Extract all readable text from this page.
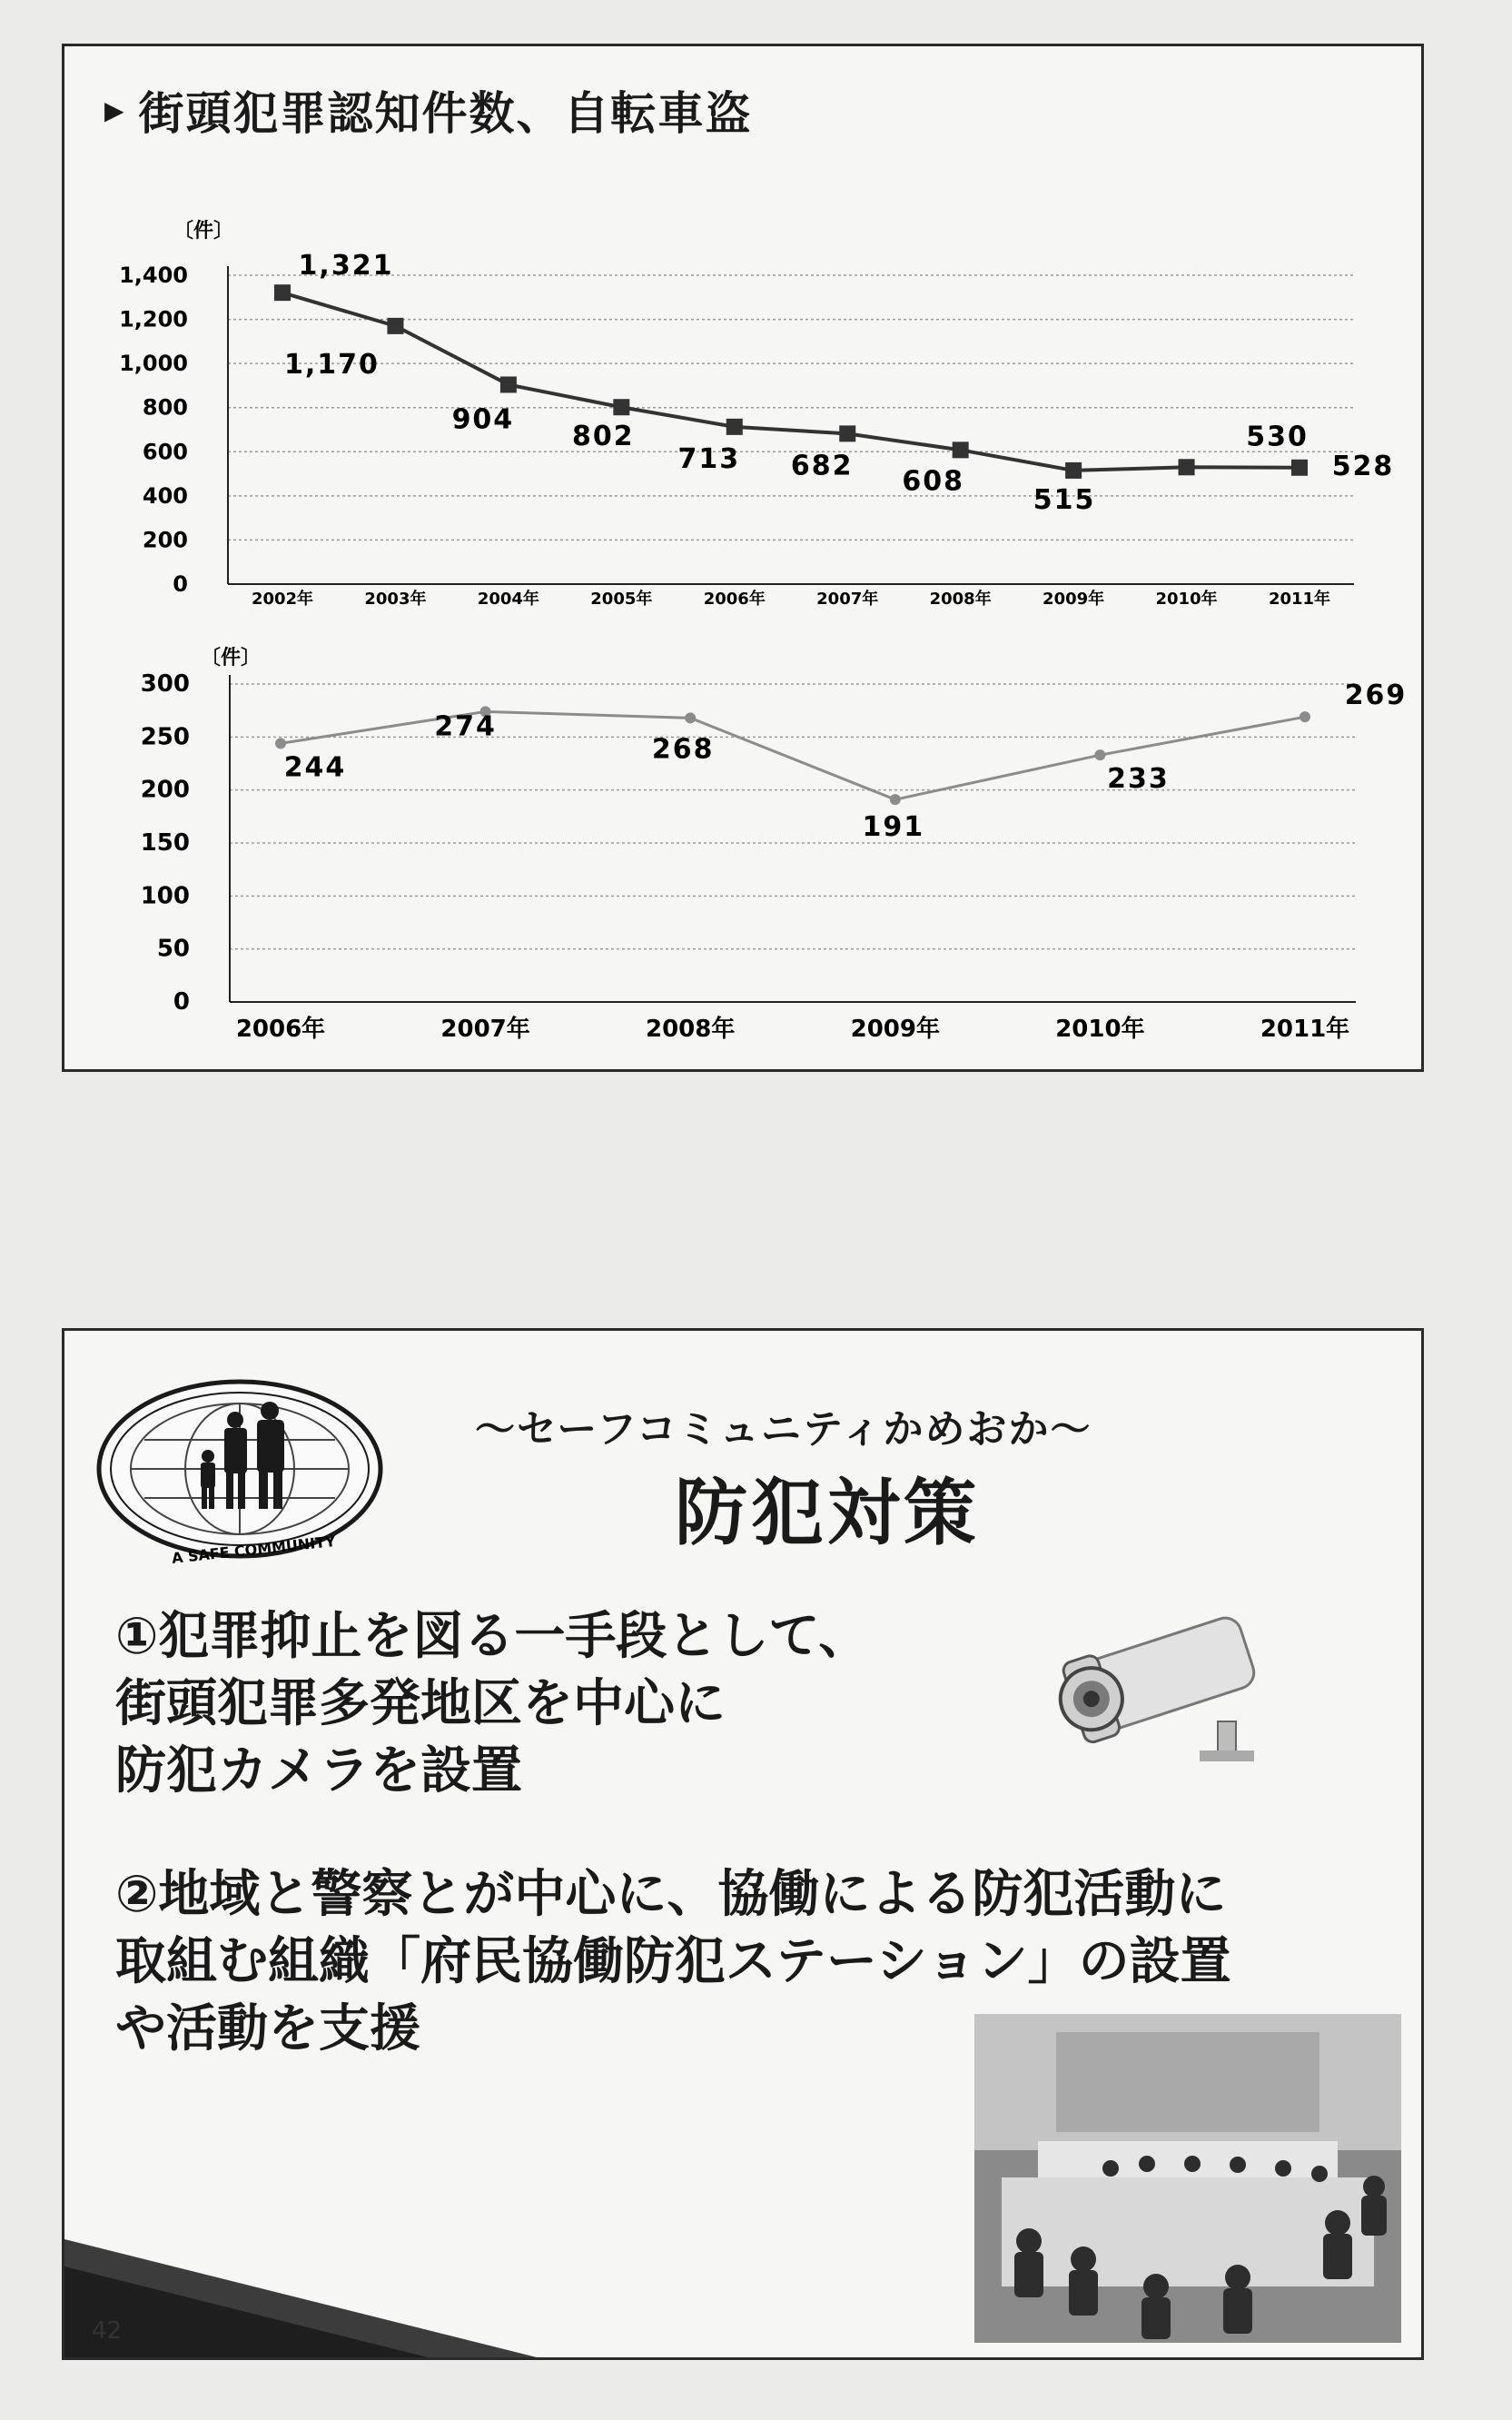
▶ 街頭犯罪認知件数、自転車盗
〔件〕
1,400
1,200
1,000
800
600
400
200
0
1,321
2002年
1,170
2003年
904
2004年
802
2005年
713
2006年
682
2007年
608
2008年
515
2009年
530
2010年
528
2011年
〔件〕
300
250
200
150
100
50
0
244
2006年
274
2007年
268
2008年
191
2009年
233
2010年
269
2011年
A SAFE COMMUNITY
～セーフコミュニティかめおか～
防犯対策
①犯罪抑止を図る一手段として、
街頭犯罪多発地区を中心に
防犯カメラを設置
②地域と警察とが中心に、協働による防犯活動に
取組む組織「府民協働防犯ステーション」の設置
や活動を支援
42
